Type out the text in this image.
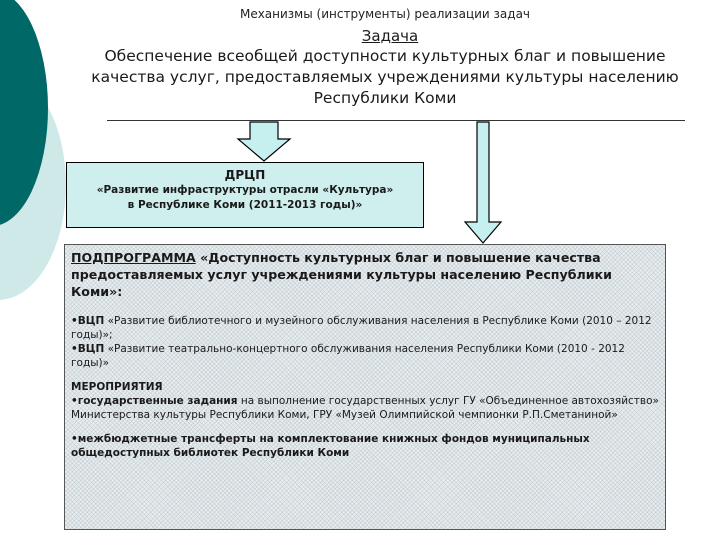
Механизмы (инструменты) реализации задач
Задача
Обеспечение всеобщей доступности культурных благ и повышение качества услуг, предоставляемых учреждениями культуры населению Республики Коми
ДРЦП
«Развитие инфраструктуры отрасли «Культура»
в Республике Коми (2011-2013 годы)»

ПОДПРОГРАММА «Доступность культурных благ и повышение качества предоставляемых услуг учреждениями культуры населению Республики Коми»:

•ВЦП «Развитие библиотечного и музейного обслуживания населения в Республике Коми (2010 – 2012 годы)»;

•ВЦП «Развитие театрально-концертного обслуживания населения Республики Коми (2010 - 2012 годы)»

МЕРОПРИЯТИЯ

•государственные задания на выполнение государственных услуг ГУ «Объединенное автохозяйство» Министерства культуры Республики Коми, ГРУ «Музей Олимпийской чемпионки Р.П.Сметаниной»

•межбюджетные трансферты на комплектование книжных фондов муниципальных общедоступных библиотек Республики Коми
